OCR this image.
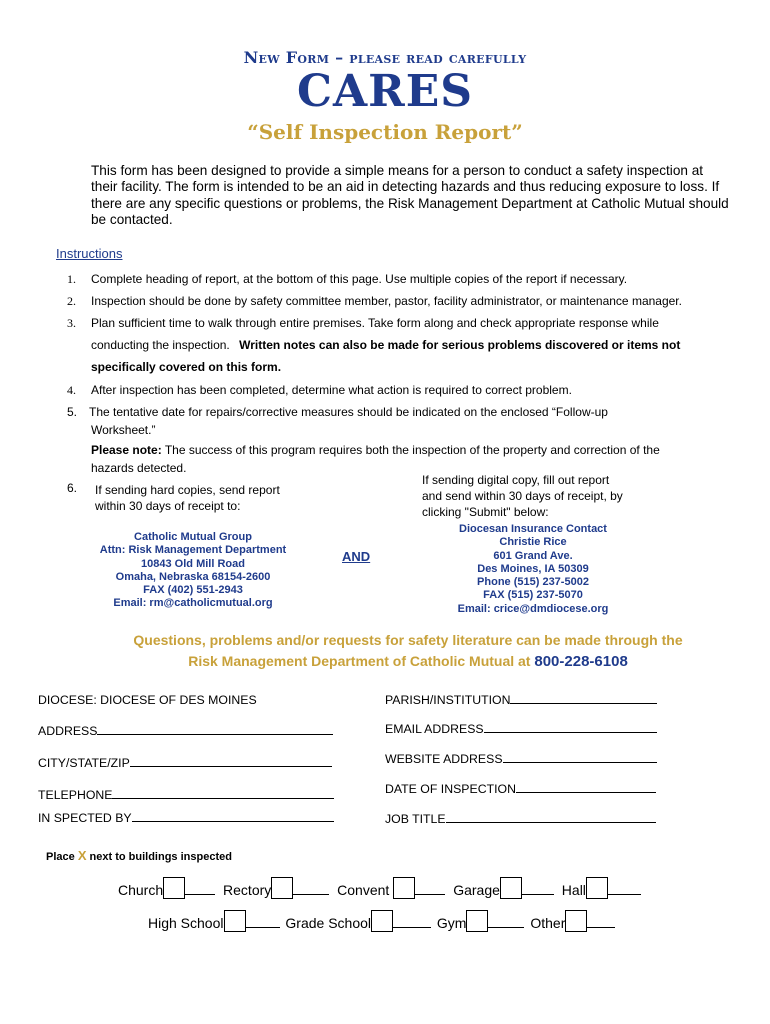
New Form – please read carefully
CARES
“Self Inspection Report”
This form has been designed to provide a simple means for a person to conduct a safety inspection at their facility. The form is intended to be an aid in detecting hazards and thus reducing exposure to loss. If there are any specific questions or problems, the Risk Management Department at Catholic Mutual should be contacted.
Instructions
1. Complete heading of report, at the bottom of this page. Use multiple copies of the report if necessary.
2. Inspection should be done by safety committee member, pastor, facility administrator, or maintenance manager.
3. Plan sufficient time to walk through entire premises. Take form along and check appropriate response while
conducting the inspection. Written notes can also be made for serious problems discovered or items not
specifically covered on this form.
4. After inspection has been completed, determine what action is required to correct problem.
5. The tentative date for repairs/corrective measures should be indicated on the enclosed “Follow-up
Worksheet.”
Please note: The success of this program requires both the inspection of the property and correction of the
hazards detected.
6. If sending hard copies, send report
within 30 days of receipt to:
If sending digital copy, fill out report
and send within 30 days of receipt, by
clicking "Submit" below:
Catholic Mutual Group
Attn: Risk Management Department
10843 Old Mill Road
Omaha, Nebraska 68154-2600
FAX (402) 551-2943
Email: rm@catholicmutual.org
AND
Diocesan Insurance Contact
Christie Rice
601 Grand Ave.
Des Moines, IA 50309
Phone (515) 237-5002
FAX (515) 237-5070
Email: crice@dmdiocese.org
Questions, problems and/or requests for safety literature can be made through the
Risk Management Department of Catholic Mutual at 800-228-6108
DIOCESE: DIOCESE OF DES MOINES	PARISH/INSTITUTION
ADDRESS	EMAIL ADDRESS
CITY/STATE/ZIP	WEBSITE ADDRESS
TELEPHONE	DATE OF INSPECTION
IN SPECTED BY	JOB TITLE
Place X next to buildings inspected
Church	Rectory	Convent	Garage	Hall
High School	Grade School	Gym	Other
